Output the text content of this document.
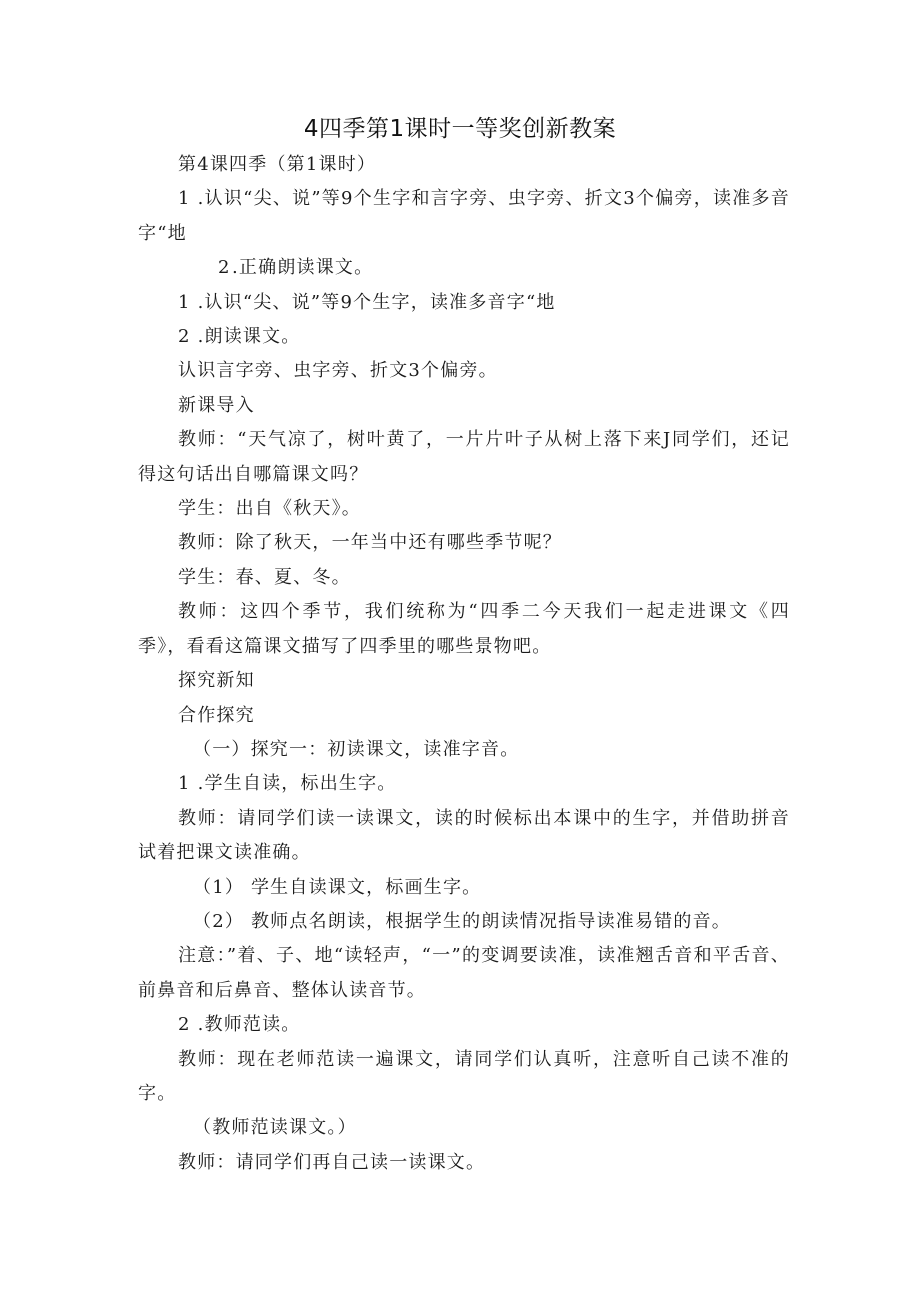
4四季第1课时一等奖创新教案

第4课四季（第1课时）

1 .认识“尖、说”等9个生字和言字旁、虫字旁、折文3个偏旁，读准多音字“地

2.正确朗读课文。

1 .认识“尖、说”等9个生字，读准多音字“地

2 .朗读课文。

认识言字旁、虫字旁、折文3个偏旁。

新课导入

教师：“天气凉了，树叶黄了，一片片叶子从树上落下来J同学们，还记得这句话出自哪篇课文吗？

学生：出自《秋天》。

教师：除了秋天，一年当中还有哪些季节呢？

学生：春、夏、冬。

教师：这四个季节，我们统称为“四季二今天我们一起走进课文《四季》，看看这篇课文描写了四季里的哪些景物吧。

探究新知

合作探究

（一）探究一：初读课文，读准字音。

1 .学生自读，标出生字。

教师：请同学们读一读课文，读的时候标出本课中的生字，并借助拼音试着把课文读准确。

（1） 学生自读课文，标画生字。

（2） 教师点名朗读，根据学生的朗读情况指导读准易错的音。

注意：”着、子、地“读轻声，“一”的变调要读准，读准翘舌音和平舌音、前鼻音和后鼻音、整体认读音节。

2 .教师范读。

教师：现在老师范读一遍课文，请同学们认真听，注意听自己读不准的字。

（教师范读课文。）

教师：请同学们再自己读一读课文。
